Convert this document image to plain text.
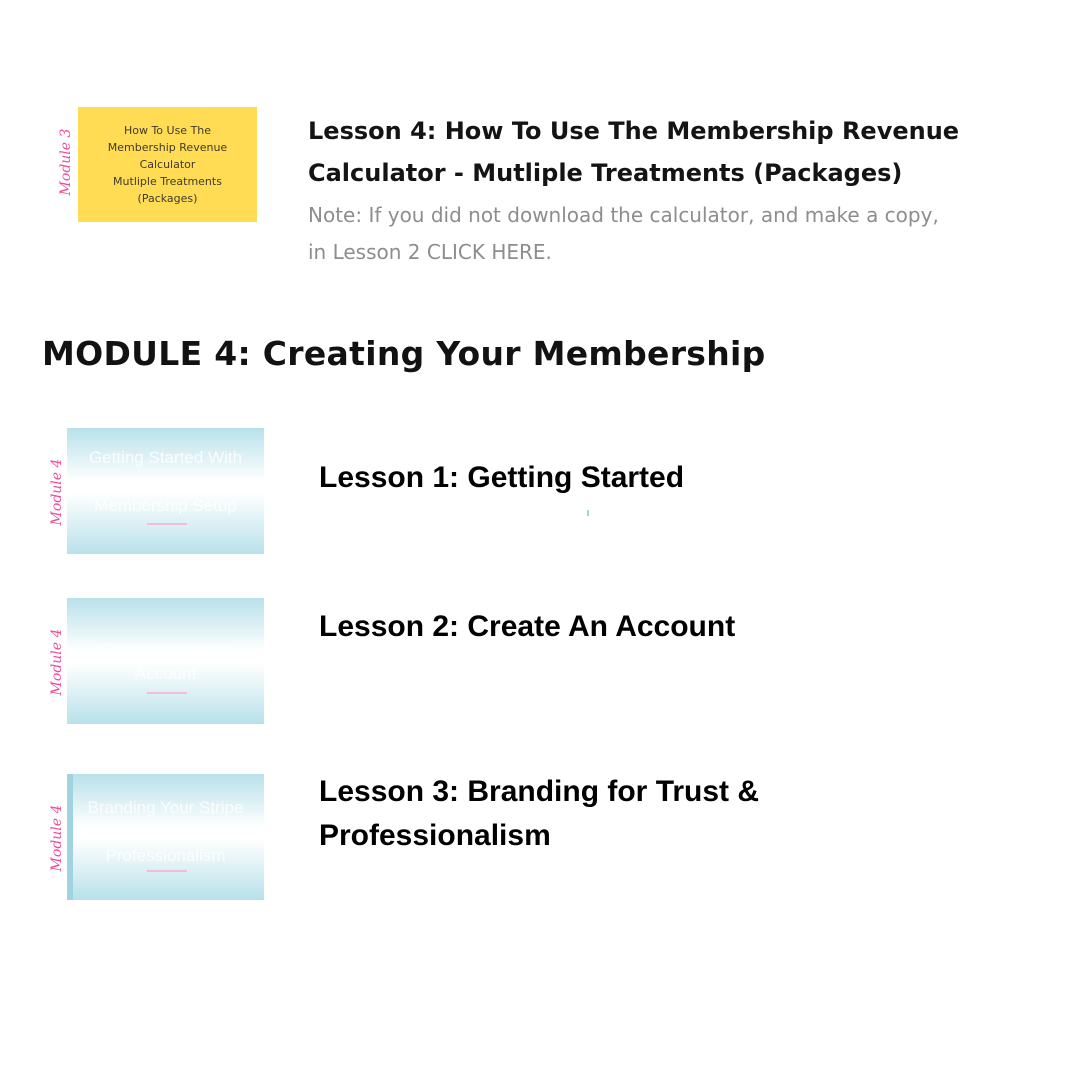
Module 3	How To Use The
Membership Revenue
Calculator
Mutliple Treatments
(Packages)
Lesson 4: How To Use The Membership Revenue Calculator - Mutliple Treatments (Packages)
Note: If you did not download the calculator, and make a copy, in Lesson 2 CLICK HERE.
MODULE 4: Creating Your Membership
Module 4
Getting Started With Your Stripe Membership Setup
Lesson 1: Getting Started
Module 4	Creating a Stripe Account
Lesson 2: Create An Account
Module 4	Branding Your Stripe Account For Trust & Professionalism
Lesson 3: Branding for Trust & Professionalism
